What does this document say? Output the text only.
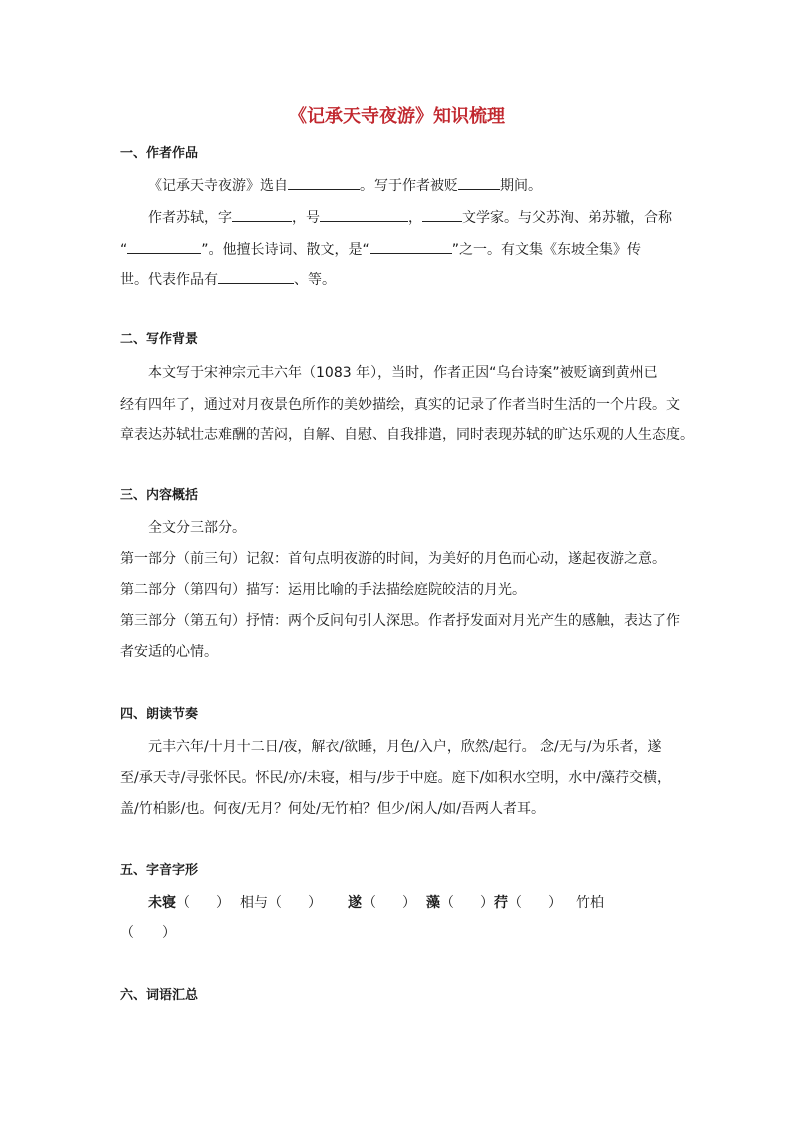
《记承天寺夜游》知识梳理
一、作者作品
《记承天寺夜游》选自	。写于作者被贬	期间。
作者苏轼，字	，号	，	文学家。与父苏洵、弟苏辙，合称
“	”。他擅长诗词、散文，是“	”之一。有文集《东坡全集》传
世。代表作品有	、等。
二、写作背景
本文写于宋神宗元丰六年（1083 年），当时，作者正因“乌台诗案”被贬谪到黄州已
经有四年了，通过对月夜景色所作的美妙描绘，真实的记录了作者当时生活的一个片段。文
章表达苏轼壮志难酬的苦闷，自解、自慰、自我排遣，同时表现苏轼的旷达乐观的人生态度。
三、内容概括
全文分三部分。
第一部分（前三句）记叙：首句点明夜游的时间，为美好的月色而心动，遂起夜游之意。
第二部分（第四句）描写：运用比喻的手法描绘庭院皎洁的月光。
第三部分（第五句）抒情：两个反问句引人深思。作者抒发面对月光产生的感触，表达了作
者安适的心情。
四、朗读节奏
元丰六年/十月十二日/夜，解衣/欲睡，月色/入户，欣然/起行。 念/无与/为乐者，遂
至/承天寺/寻张怀民。怀民/亦/未寝，相与/步于中庭。庭下/如积水空明，水中/藻荇交横，
盖/竹柏影/也。何夜/无月？何处/无竹柏？但少/闲人/如/吾两人者耳。
五、字音字形
未寝（ ） 相与（ ） 遂（ ） 藻（ ）荇（ ） 竹柏
（　　）
六、词语汇总
